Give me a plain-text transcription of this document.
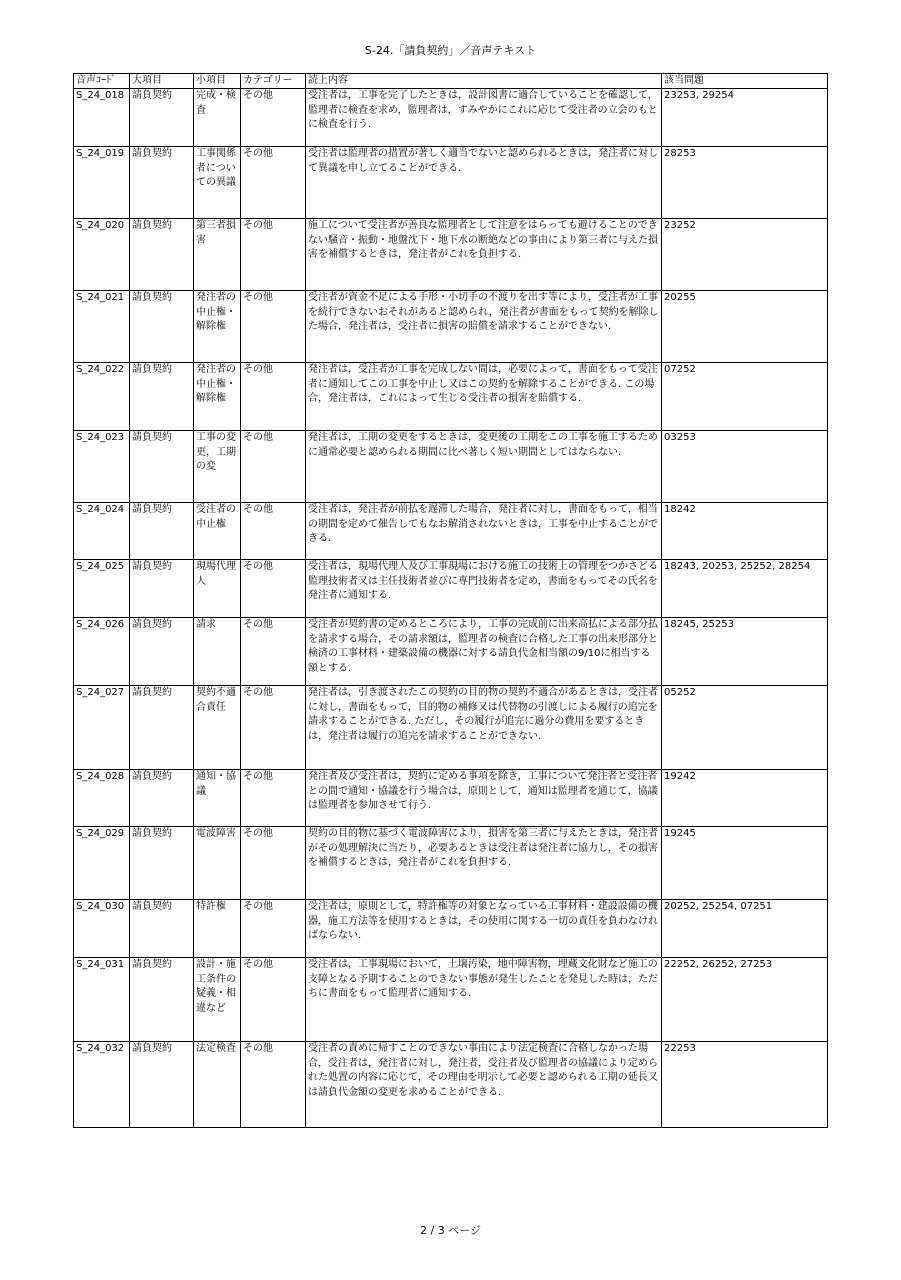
S-24.「請負契約」／音声テキスト
音声ｺｰﾄﾞ	大項目	小項目	カテゴリー	読上内容	該当問題
S_24_018	請負契約	完成・検査	その他	受注者は，工事を完了したときは，設計図書に適合していることを確認して，監理者に検査を求め，監理者は，すみやかにこれに応じて受注者の立会のもとに検査を行う.	23253, 29254
S_24_019	請負契約	工事関係者についての異議	その他	受注者は監理者の措置が著しく適当でないと認められるときは，発注者に対して異議を申し立てることができる.	28253
S_24_020	請負契約	第三者損害	その他	施工について受注者が善良な監理者として注意をはらっても避けることのできない騒音・振動・地盤沈下・地下水の断絶などの事由により第三者に与えた損害を補償するときは，発注者がこれを負担する.	23252
S_24_021	請負契約	発注者の中止権・解除権	その他	受注者が資金不足による手形・小切手の不渡りを出す等により，受注者が工事を続行できないおそれがあると認められ，発注者が書面をもって契約を解除した場合，発注者は，受注者に損害の賠償を請求することができない.	20255
S_24_022	請負契約	発注者の中止権・解除権	その他	発注者は，受注者が工事を完成しない間は，必要によって，書面をもって受注者に通知してこの工事を中止し又はこの契約を解除することができる. この場合，発注者は，これによって生じる受注者の損害を賠償する.	07252
S_24_023	請負契約	工事の変更，工期の変	その他	発注者は，工期の変更をするときは，変更後の工期をこの工事を施工するために通常必要と認められる期間に比べ著しく短い期間としてはならない.	03253
S_24_024	請負契約	受注者の中止権	その他	受注者は，発注者が前払を遅滞した場合，発注者に対し，書面をもって，相当の期間を定めて催告してもなお解消されないときは，工事を中止することができる.	18242
S_24_025	請負契約	現場代理人	その他	受注者は，現場代理人及び工事現場における施工の技術上の管理をつかさどる監理技術者又は主任技術者並びに専門技術者を定め，書面をもってその氏名を発注者に通知する.	18243, 20253, 25252, 28254
S_24_026	請負契約	請求	その他	受注者が契約書の定めるところにより，工事の完成前に出来高払による部分払を請求する場合，その請求額は，監理者の検査に合格した工事の出来形部分と検済の工事材料・建築設備の機器に対する請負代金相当額の9/10に相当する額とする.	18245, 25253
S_24_027	請負契約	契約不適合責任	その他	発注者は，引き渡されたこの契約の目的物の契約不適合があるときは，受注者に対し，書面をもって，目的物の補修又は代替物の引渡しによる履行の追完を請求することができる. ただし，その履行が追完に過分の費用を要するときは，発注者は履行の追完を請求することができない.	05252
S_24_028	請負契約	通知・協議	その他	発注者及び受注者は，契約に定める事項を除き，工事について発注者と受注者との間で通知・協議を行う場合は，原則として，通知は監理者を通じて，協議は監理者を参加させて行う.	19242
S_24_029	請負契約	電波障害	その他	契約の目的物に基づく電波障害により，損害を第三者に与えたときは，発注者がその処理解決に当たり，必要あるときは受注者は発注者に協力し，その損害を補償するときは，発注者がこれを負担する.	19245
S_24_030	請負契約	特許権	その他	受注者は，原則として，特許権等の対象となっている工事材料・建設設備の機器，施工方法等を使用するときは，その使用に関する一切の責任を負わなければならない.	20252, 25254, 07251
S_24_031	請負契約	設計・施工条件の疑義・相違など	その他	受注者は，工事現場において，土壌汚染，地中障害物，埋蔵文化財など施工の支障となる予期することのできない事態が発生したことを発見した時は，ただちに書面をもって監理者に通知する.	22252, 26252, 27253
S_24_032	請負契約	法定検査	その他	受注者の責めに帰すことのできない事由により法定検査に合格しなかった場合，受注者は，発注者に対し，発注者，受注者及び監理者の協議により定められた処置の内容に応じて，その理由を明示して必要と認められる工期の延長又は請負代金額の変更を求めることができる.	22253
2 / 3 ページ
